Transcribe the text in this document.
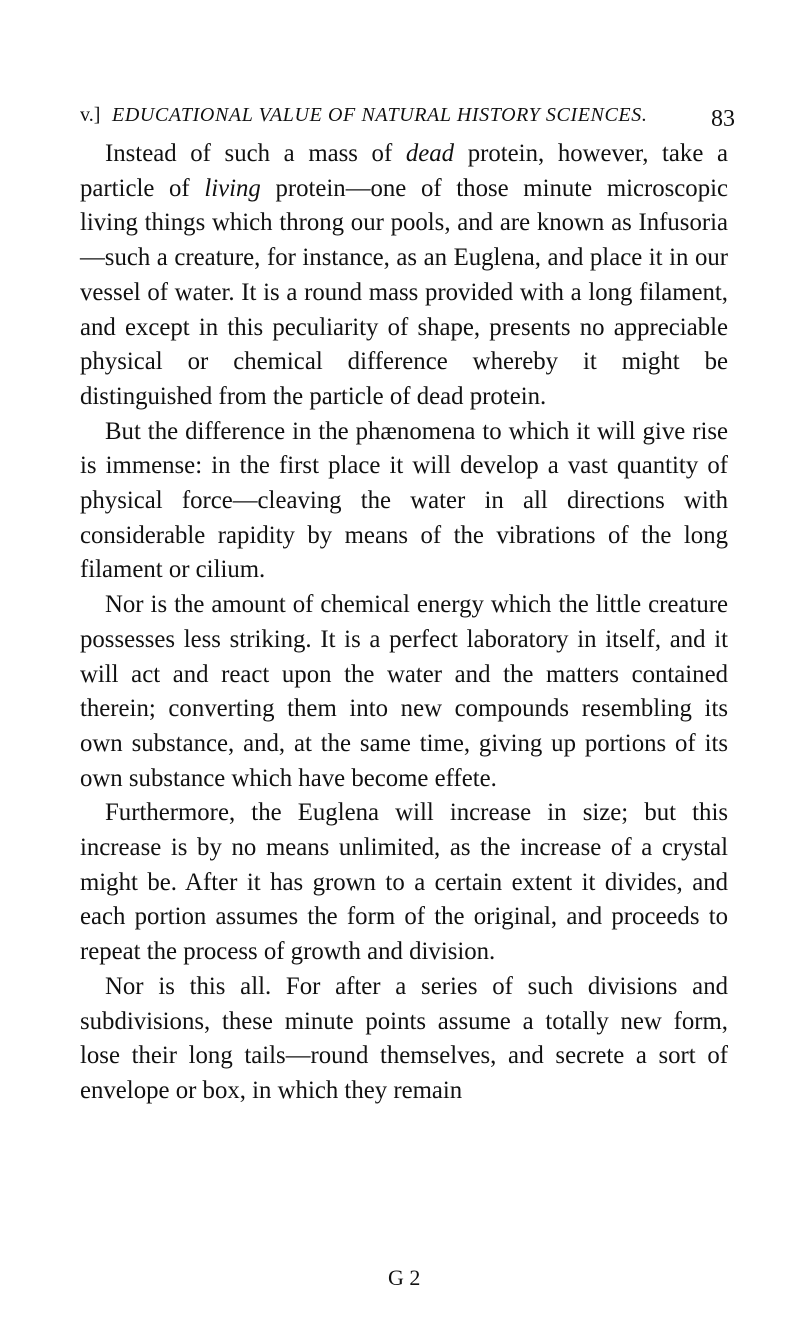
v.] EDUCATIONAL VALUE OF NATURAL HISTORY SCIENCES.	83

Instead of such a mass of dead protein, however, take a particle of living protein—one of those minute microscopic living things which throng our pools, and are known as Infusoria—such a creature, for instance, as an Euglena, and place it in our vessel of water. It is a round mass provided with a long filament, and except in this peculiarity of shape, presents no appreciable physical or chemical difference whereby it might be distinguished from the particle of dead protein.

But the difference in the phænomena to which it will give rise is immense: in the first place it will develop a vast quantity of physical force—cleaving the water in all directions with considerable rapidity by means of the vibrations of the long filament or cilium.

Nor is the amount of chemical energy which the little creature possesses less striking. It is a perfect laboratory in itself, and it will act and react upon the water and the matters contained therein; converting them into new compounds resembling its own substance, and, at the same time, giving up portions of its own substance which have become effete.

Furthermore, the Euglena will increase in size; but this increase is by no means unlimited, as the increase of a crystal might be. After it has grown to a certain extent it divides, and each portion assumes the form of the original, and proceeds to repeat the process of growth and division.

Nor is this all. For after a series of such divisions and subdivisions, these minute points assume a totally new form, lose their long tails—round themselves, and secrete a sort of envelope or box, in which they remain

G 2
